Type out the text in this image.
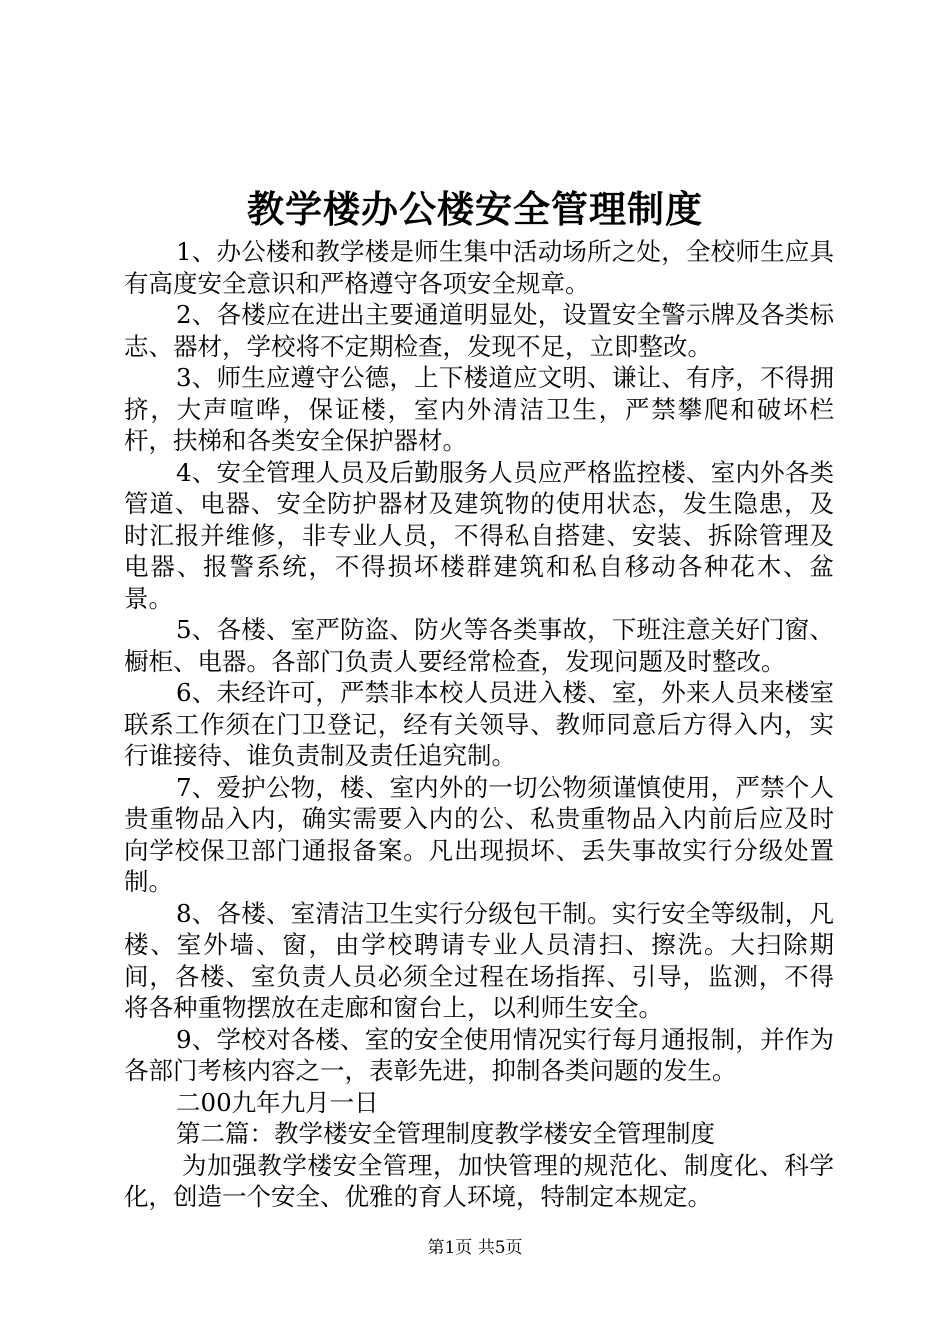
教学楼办公楼安全管理制度

1、办公楼和教学楼是师生集中活动场所之处，全校师生应具有高度安全意识和严格遵守各项安全规章。

2、各楼应在进出主要通道明显处，设置安全警示牌及各类标志、器材，学校将不定期检查，发现不足，立即整改。

3、师生应遵守公德，上下楼道应文明、谦让、有序，不得拥挤，大声喧哗，保证楼，室内外清洁卫生，严禁攀爬和破坏栏杆，扶梯和各类安全保护器材。

4、安全管理人员及后勤服务人员应严格监控楼、室内外各类管道、电器、安全防护器材及建筑物的使用状态，发生隐患，及时汇报并维修，非专业人员，不得私自搭建、安装、拆除管理及电器、报警系统，不得损坏楼群建筑和私自移动各种花木、盆景。

5、各楼、室严防盗、防火等各类事故，下班注意关好门窗、橱柜、电器。各部门负责人要经常检查，发现问题及时整改。

6、未经许可，严禁非本校人员进入楼、室，外来人员来楼室联系工作须在门卫登记，经有关领导、教师同意后方得入内，实行谁接待、谁负责制及责任追究制。

7、爱护公物，楼、室内外的一切公物须谨慎使用，严禁个人贵重物品入内，确实需要入内的公、私贵重物品入内前后应及时向学校保卫部门通报备案。凡出现损坏、丢失事故实行分级处置制。

8、各楼、室清洁卫生实行分级包干制。实行安全等级制，凡楼、室外墙、窗，由学校聘请专业人员清扫、擦洗。大扫除期间，各楼、室负责人员必须全过程在场指挥、引导，监测，不得将各种重物摆放在走廊和窗台上，以利师生安全。

9、学校对各楼、室的安全使用情况实行每月通报制，并作为各部门考核内容之一，表彰先进，抑制各类问题的发生。

二00九年九月一日

第二篇：教学楼安全管理制度教学楼安全管理制度

为加强教学楼安全管理，加快管理的规范化、制度化、科学化，创造一个安全、优雅的育人环境，特制定本规定。

第1页 共5页
